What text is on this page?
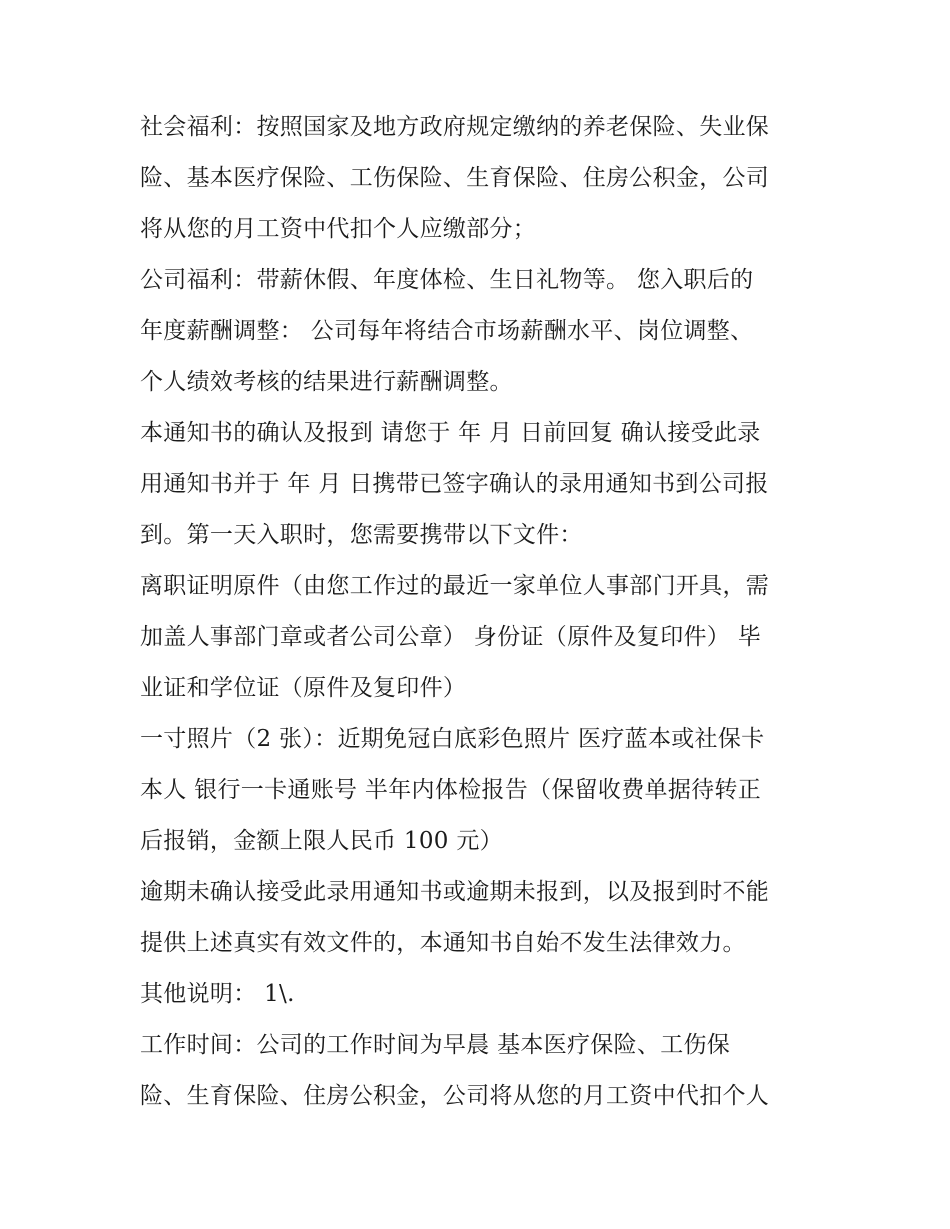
社会福利：按照国家及地方政府规定缴纳的养老保险、失业保
险、基本医疗保险、工伤保险、生育保险、住房公积金，公司
将从您的月工资中代扣个人应缴部分；
公司福利：带薪休假、年度体检、生日礼物等。 您入职后的
年度薪酬调整： 公司每年将结合市场薪酬水平、岗位调整、
个人绩效考核的结果进行薪酬调整。
本通知书的确认及报到 请您于 年 月 日前回复 确认接受此录
用通知书并于 年 月 日携带已签字确认的录用通知书到公司报
到。第一天入职时，您需要携带以下文件：
离职证明原件（由您工作过的最近一家单位人事部门开具，需
加盖人事部门章或者公司公章） 身份证（原件及复印件） 毕
业证和学位证（原件及复印件）
一寸照片（2 张）：近期免冠白底彩色照片 医疗蓝本或社保卡
本人 银行一卡通账号 半年内体检报告（保留收费单据待转正
后报销，金额上限人民币 100 元）
逾期未确认接受此录用通知书或逾期未报到，以及报到时不能
提供上述真实有效文件的，本通知书自始不发生法律效力。
其他说明： 1\.
工作时间：公司的工作时间为早晨 基本医疗保险、工伤保
险、生育保险、住房公积金，公司将从您的月工资中代扣个人
